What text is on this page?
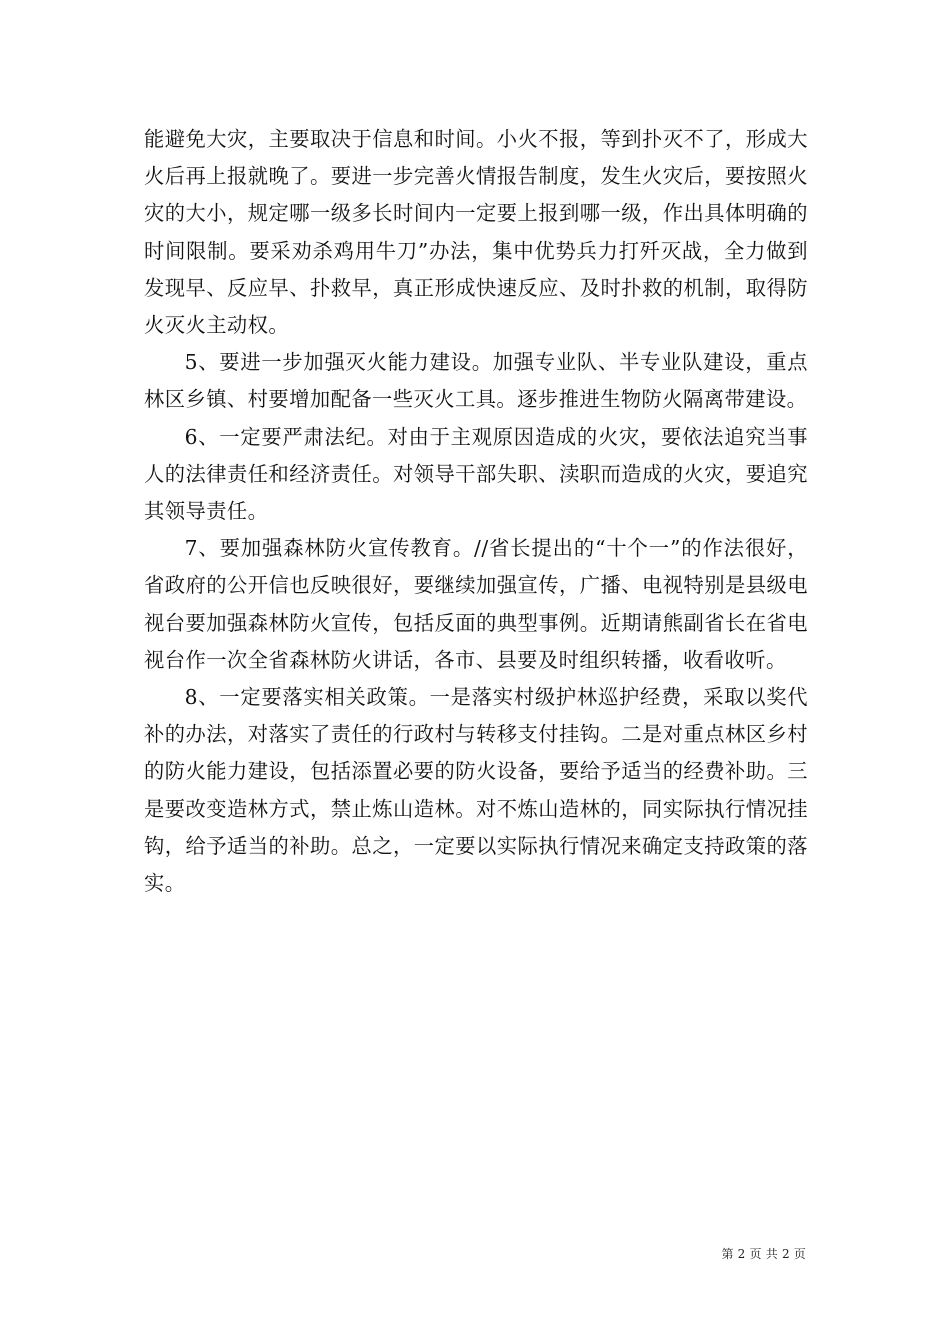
能避免大灾，主要取决于信息和时间。小火不报，等到扑灭不了，形成大火后再上报就晚了。要进一步完善火情报告制度，发生火灾后，要按照火灾的大小，规定哪一级多长时间内一定要上报到哪一级，作出具体明确的时间限制。要采劝杀鸡用牛刀”办法，集中优势兵力打歼灭战，全力做到发现早、反应早、扑救早，真正形成快速反应、及时扑救的机制，取得防火灭火主动权。

5、要进一步加强灭火能力建设。加强专业队、半专业队建设，重点林区乡镇、村要增加配备一些灭火工具。逐步推进生物防火隔离带建设。

6、一定要严肃法纪。对由于主观原因造成的火灾，要依法追究当事人的法律责任和经济责任。对领导干部失职、渎职而造成的火灾，要追究其领导责任。

7、要加强森林防火宣传教育。//省长提出的“十个一”的作法很好，省政府的公开信也反映很好，要继续加强宣传，广播、电视特别是县级电视台要加强森林防火宣传，包括反面的典型事例。近期请熊副省长在省电视台作一次全省森林防火讲话，各市、县要及时组织转播，收看收听。

8、一定要落实相关政策。一是落实村级护林巡护经费，采取以奖代补的办法，对落实了责任的行政村与转移支付挂钩。二是对重点林区乡村的防火能力建设，包括添置必要的防火设备，要给予适当的经费补助。三是要改变造林方式，禁止炼山造林。对不炼山造林的，同实际执行情况挂钩，给予适当的补助。总之，一定要以实际执行情况来确定支持政策的落实。

第 2 页 共 2 页
